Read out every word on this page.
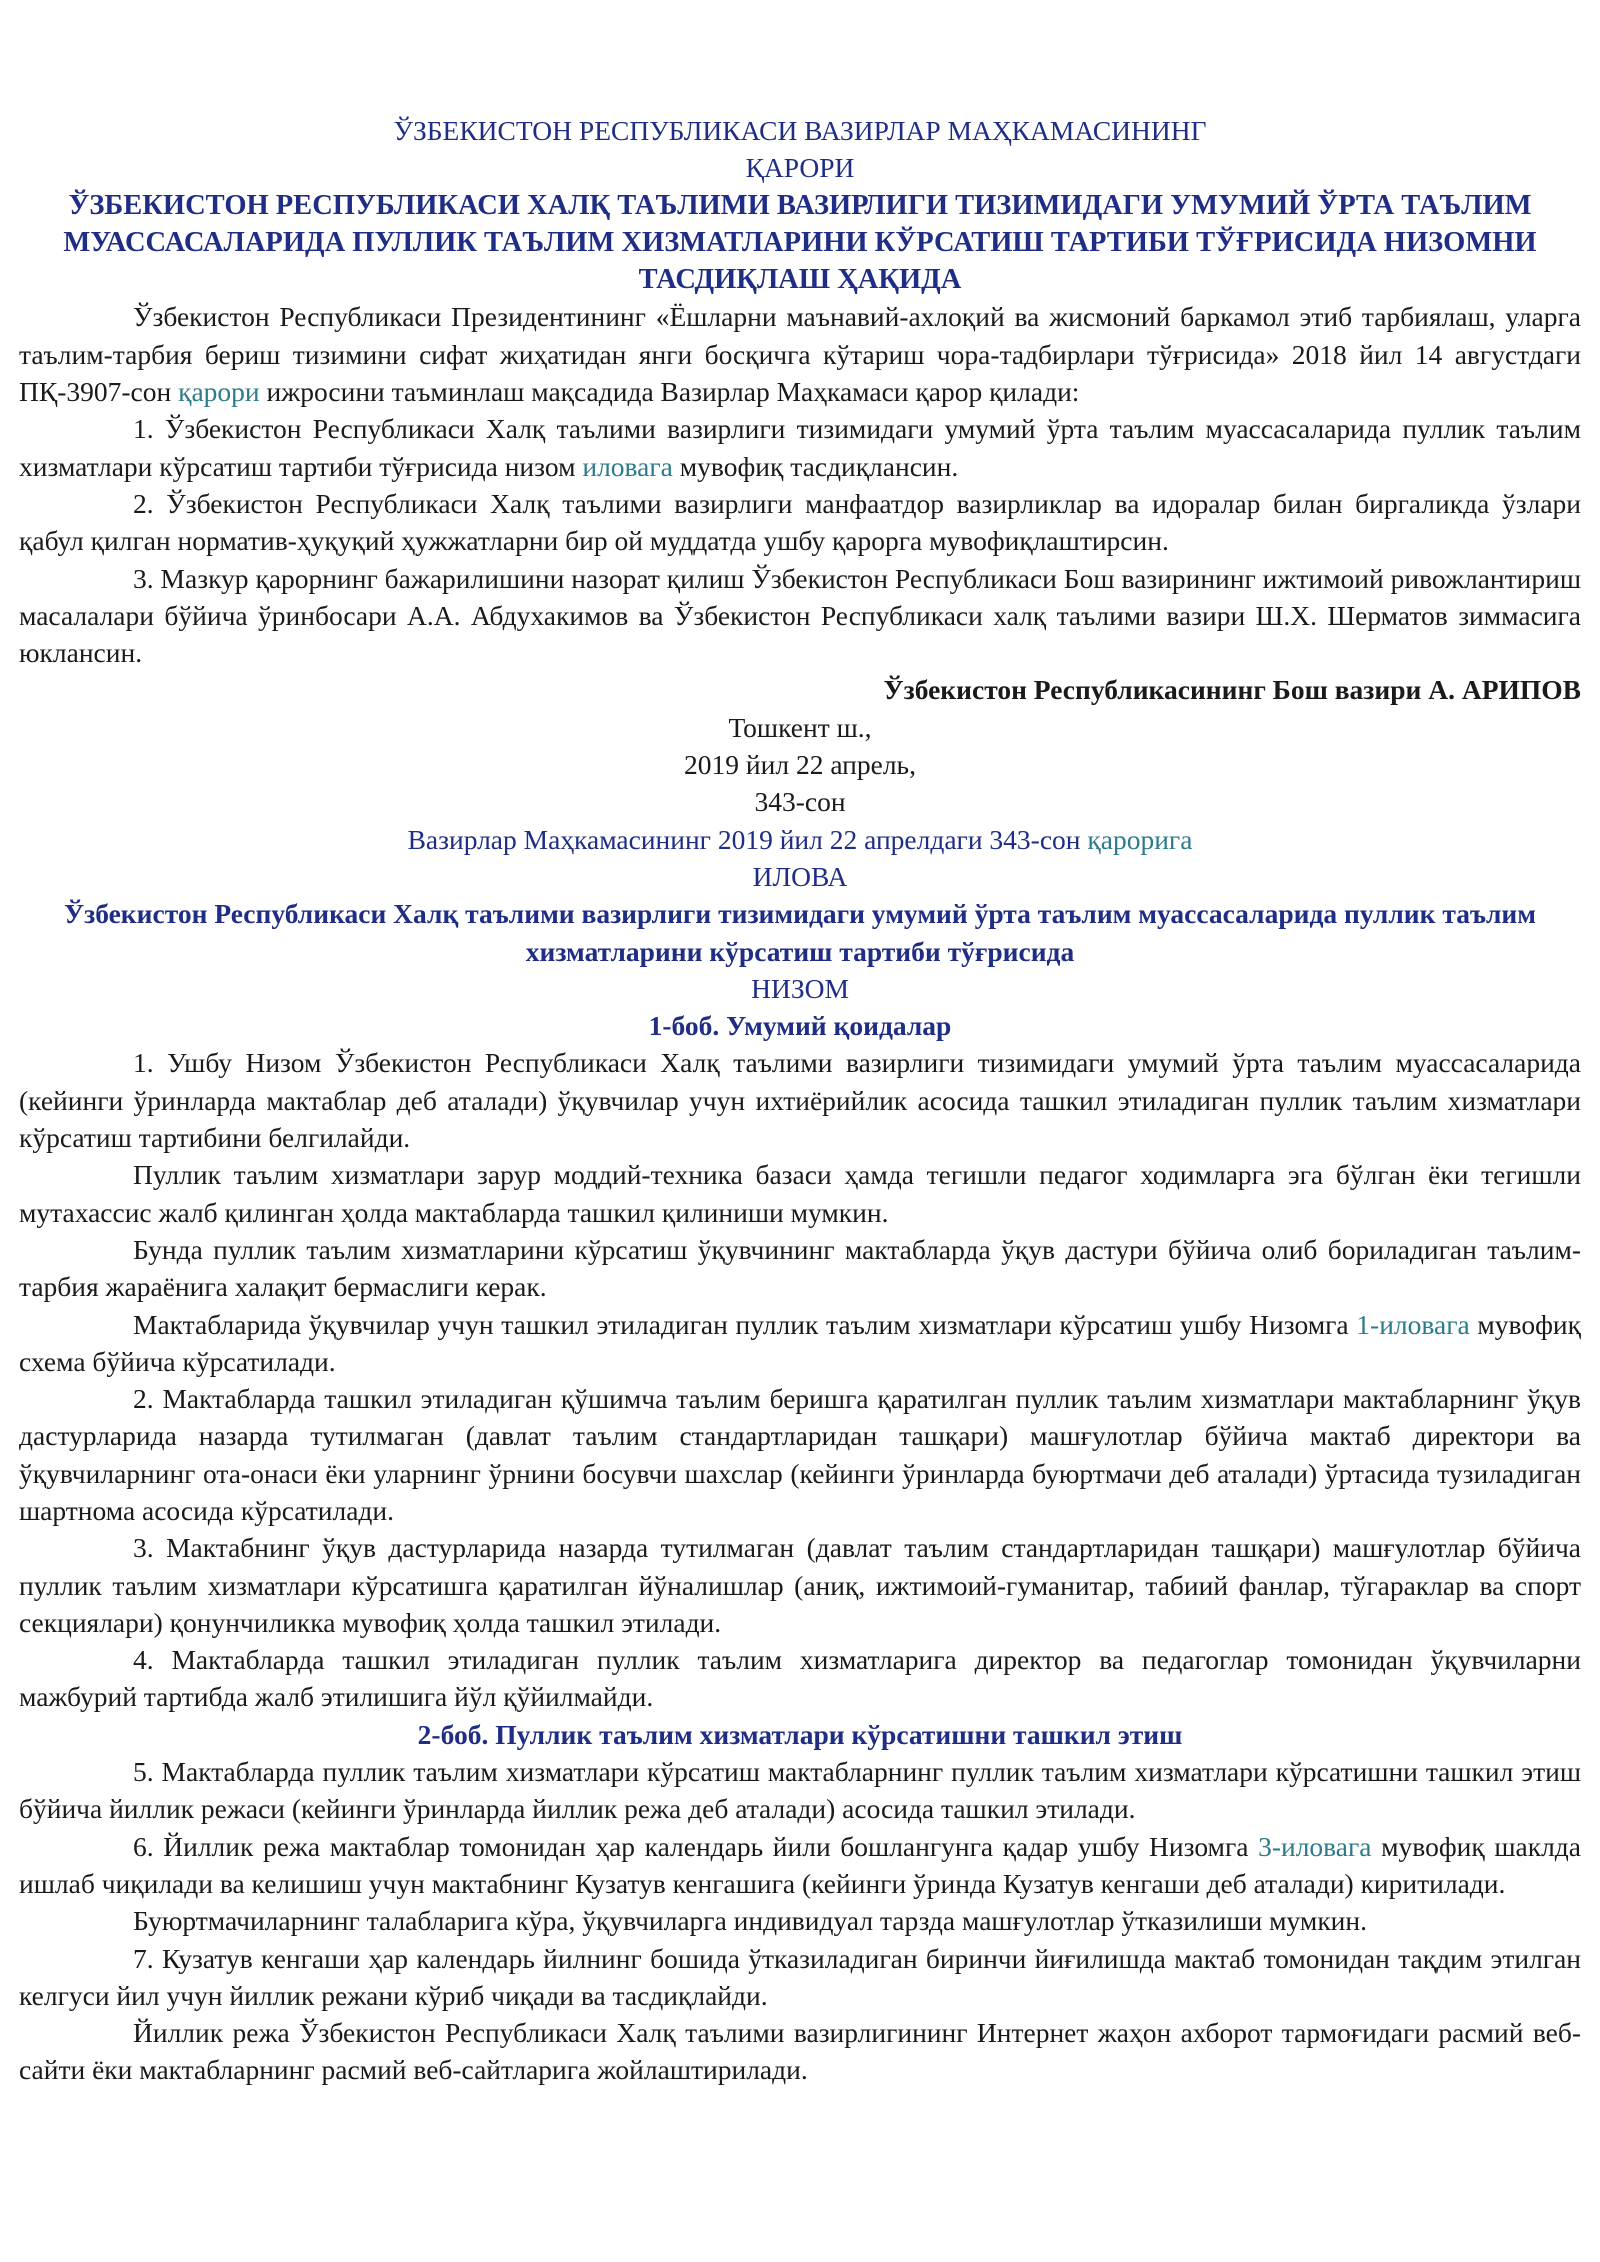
ЎЗБЕКИСТОН РЕСПУБЛИКАСИ ВАЗИРЛАР МАҲКАМАСИНИНГ

ҚАРОРИ

ЎЗБЕКИСТОН РЕСПУБЛИКАСИ ХАЛҚ ТАЪЛИМИ ВАЗИРЛИГИ ТИЗИМИДАГИ УМУМИЙ ЎРТА ТАЪЛИМ МУАССАСАЛАРИДА ПУЛЛИК ТАЪЛИМ ХИЗМАТЛАРИНИ КЎРСАТИШ ТАРТИБИ ТЎҒРИСИДА НИЗОМНИ ТАСДИҚЛАШ ҲАҚИДА

Ўзбекистон Республикаси Президентининг «Ёшларни маънавий-ахлоқий ва жисмоний баркамол этиб тарбиялаш, уларга таълим-тарбия бериш тизимини сифат жиҳатидан янги босқичга кўтариш чора-тадбирлари тўғрисида» 2018 йил 14 августдаги ПҚ-3907-сон қарори ижросини таъминлаш мақсадида Вазирлар Маҳкамаси қарор қилади:

1. Ўзбекистон Республикаси Халқ таълими вазирлиги тизимидаги умумий ўрта таълим муассасаларида пуллик таълим хизматлари кўрсатиш тартиби тўғрисида низом иловага мувофиқ тасдиқлансин.

2. Ўзбекистон Республикаси Халқ таълими вазирлиги манфаатдор вазирликлар ва идоралар билан биргаликда ўзлари қабул қилган норматив-ҳуқуқий ҳужжатларни бир ой муддатда ушбу қарорга мувофиқлаштирсин.

3. Мазкур қарорнинг бажарилишини назорат қилиш Ўзбекистон Республикаси Бош вазирининг ижтимоий ривожлантириш масалалари бўйича ўринбосари А.А. Абдухакимов ва Ўзбекистон Республикаси халқ таълими вазири Ш.Х. Шерматов зиммасига юклансин.

Ўзбекистон Республикасининг Бош вазири А. АРИПОВ

Тошкент ш.,

2019 йил 22 апрель,

343-сон

Вазирлар Маҳкамасининг 2019 йил 22 апрелдаги 343-сон қарорига

ИЛОВА

Ўзбекистон Республикаси Халқ таълими вазирлиги тизимидаги умумий ўрта таълим муассасаларида пуллик таълим хизматларини кўрсатиш тартиби тўғрисида

НИЗОМ

1-боб. Умумий қоидалар

1. Ушбу Низом Ўзбекистон Республикаси Халқ таълими вазирлиги тизимидаги умумий ўрта таълим муассасаларида (кейинги ўринларда мактаблар деб аталади) ўқувчилар учун ихтиёрийлик асосида ташкил этиладиган пуллик таълим хизматлари кўрсатиш тартибини белгилайди.

Пуллик таълим хизматлари зарур моддий-техника базаси ҳамда тегишли педагог ходимларга эга бўлган ёки тегишли мутахассис жалб қилинган ҳолда мактабларда ташкил қилиниши мумкин.

Бунда пуллик таълим хизматларини кўрсатиш ўқувчининг мактабларда ўқув дастури бўйича олиб бориладиган таълим-тарбия жараёнига халақит бермаслиги керак.

Мактабларида ўқувчилар учун ташкил этиладиган пуллик таълим хизматлари кўрсатиш ушбу Низомга 1-иловага мувофиқ схема бўйича кўрсатилади.

2. Мактабларда ташкил этиладиган қўшимча таълим беришга қаратилган пуллик таълим хизматлари мактабларнинг ўқув дастурларида назарда тутилмаган (давлат таълим стандартларидан ташқари) машғулотлар бўйича мактаб директори ва ўқувчиларнинг ота-онаси ёки уларнинг ўрнини босувчи шахслар (кейинги ўринларда буюртмачи деб аталади) ўртасида тузиладиган шартнома асосида кўрсатилади.

3. Мактабнинг ўқув дастурларида назарда тутилмаган (давлат таълим стандартларидан ташқари) машғулотлар бўйича пуллик таълим хизматлари кўрсатишга қаратилган йўналишлар (аниқ, ижтимоий-гуманитар, табиий фанлар, тўгараклар ва спорт секциялари) қонунчиликка мувофиқ ҳолда ташкил этилади.

4. Мактабларда ташкил этиладиган пуллик таълим хизматларига директор ва педагоглар томонидан ўқувчиларни мажбурий тартибда жалб этилишига йўл қўйилмайди.

2-боб. Пуллик таълим хизматлари кўрсатишни ташкил этиш

5. Мактабларда пуллик таълим хизматлари кўрсатиш мактабларнинг пуллик таълим хизматлари кўрсатишни ташкил этиш бўйича йиллик режаси (кейинги ўринларда йиллик режа деб аталади) асосида ташкил этилади.

6. Йиллик режа мактаблар томонидан ҳар календарь йили бошлангунга қадар ушбу Низомга 3-иловага мувофиқ шаклда ишлаб чиқилади ва келишиш учун мактабнинг Кузатув кенгашига (кейинги ўринда Кузатув кенгаши деб аталади) киритилади.

Буюртмачиларнинг талабларига кўра, ўқувчиларга индивидуал тарзда машғулотлар ўтказилиши мумкин.

7. Кузатув кенгаши ҳар календарь йилнинг бошида ўтказиладиган биринчи йиғилишда мактаб томонидан тақдим этилган келгуси йил учун йиллик режани кўриб чиқади ва тасдиқлайди.

Йиллик режа Ўзбекистон Республикаси Халқ таълими вазирлигининг Интернет жаҳон ахборот тармоғидаги расмий веб-сайти ёки мактабларнинг расмий веб-сайтларига жойлаштирилади.
